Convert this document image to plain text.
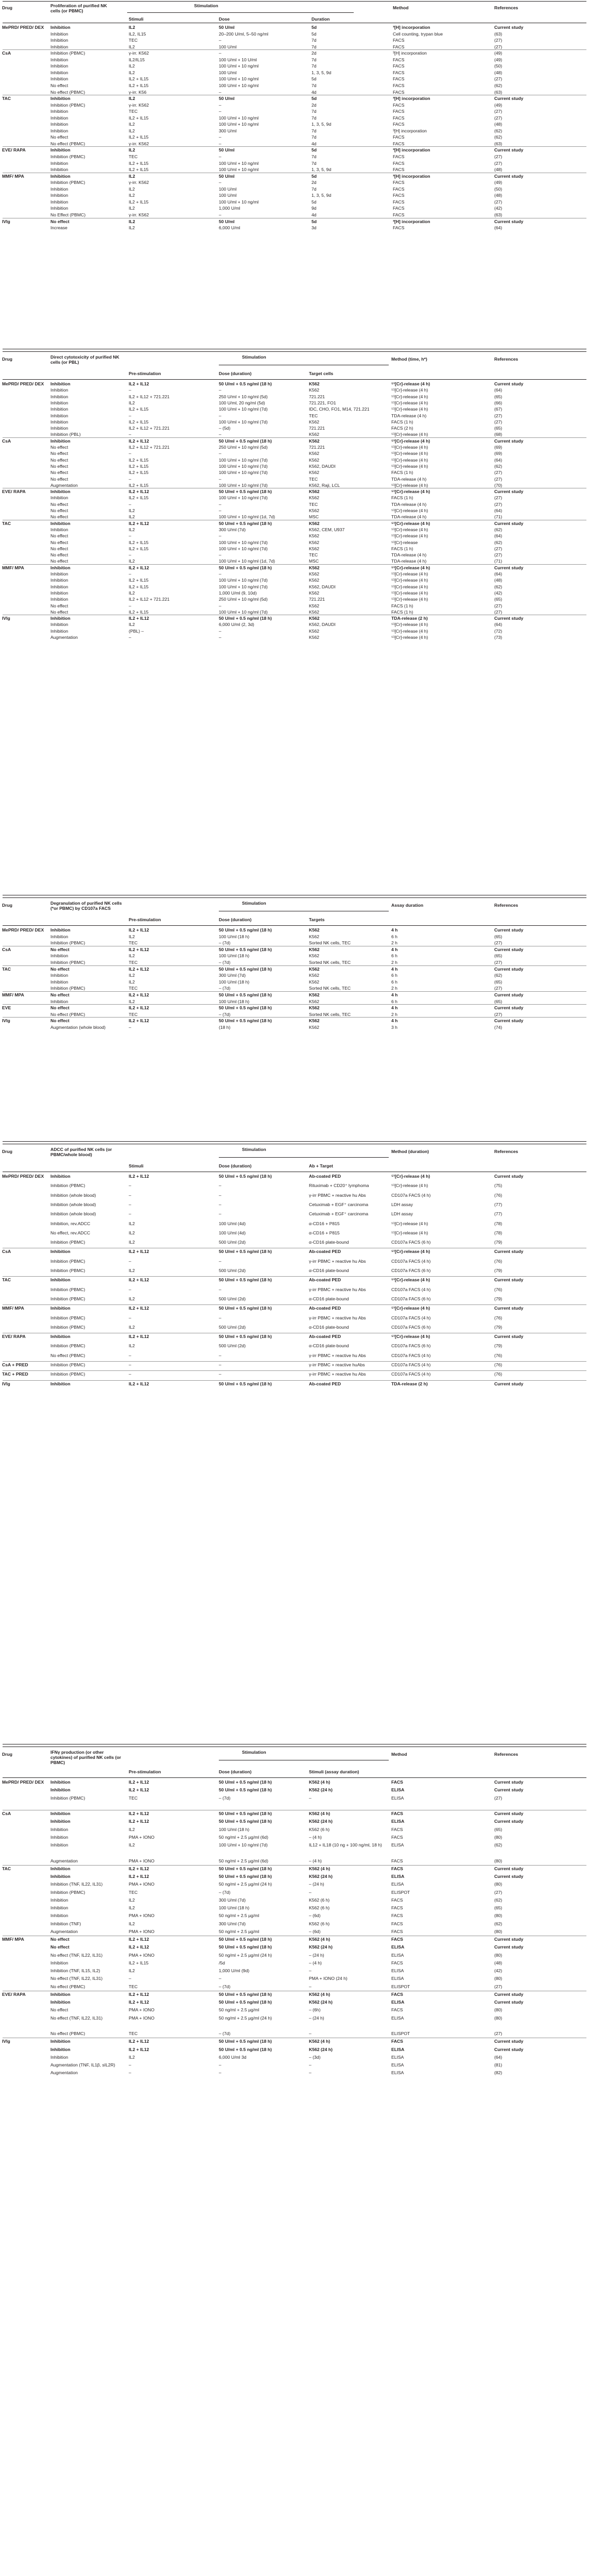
Drug	Proliferation of purified NK cells (or PBMC)
Stimulation
Stimuli	Dose	Duration
Method	References
MePRD/ PRED/ DEX	Inhibition	IL2	50 U/ml	5d	³[H] incorporation	Current study
Inhibition	IL2, IL15	20–200 U/ml, 5–50 ng/ml	5d	Cell counting, trypan blue	(63)
Inhibition	TEC	–	7d	FACS	(27)
Inhibition	IL2	100 U/ml	7d	FACS	(27)
CsA	Inhibition (PBMC)	γ-irr. K562	–	2d	³[H] incorporation	(49)
Inhibition	IL2/IL15	100 U/ml + 10 U/ml	7d	FACS	(49)
Inhibition	IL2	100 U/ml + 10 ng/ml	7d	FACS	(50)
Inhibition	IL2	100 U/ml	1, 3, 5, 9d	FACS	(48)
Inhibition	IL2 + IL15	100 U/ml + 10 ng/ml	5d	FACS	(27)
No effect	IL2 + IL15	100 U/ml + 10 ng/ml	7d	FACS	(62)
No effect (PBMC)	γ-irr. K56	–	4d	FACS	(63)
TAC	Inhibition	IL2	50 U/ml	5d	³[H] incorporation	Current study
Inhibition (PBMC)	γ-irr. K562	–	2d	FACS	(49)
Inhibition	TEC	–	7d	FACS	(27)
Inhibition	IL2 + IL15	100 U/ml + 10 ng/ml	7d	FACS	(27)
Inhibition	IL2	100 U/ml + 10 ng/ml	1, 3, 5, 9d	FACS	(48)
Inhibition	IL2	300 U/ml	7d	³[H] incorporation	(62)
No effect	IL2 + IL15	–	7d	FACS	(62)
No effect (PBMC)	γ-irr. K562	–	4d	FACS	(63)
EVE/ RAPA	Inhibition	IL2	50 U/ml	5d	³[H] incorporation	Current study
Inhibition (PBMC)	TEC	–	7d	FACS	(27)
Inhibition	IL2 + IL15	100 U/ml + 10 ng/ml	7d	FACS	(27)
Inhibition	IL2 + IL15	100 U/ml + 10 ng/ml	1, 3, 5, 9d	FACS	(48)
MMF/ MPA	Inhibition	IL2	50 U/ml	5d	³[H] incorporation	Current study
Inhibition (PBMC)	γ-irr. K562	–	2d	FACS	(49)
Inhibition	IL2	100 U/ml	7d	FACS	(50)
Inhibition	IL2	100 U/ml	1, 3, 5, 9d	FACS	(48)
Inhibition	IL2 + IL15	100 U/ml + 10 ng/ml	5d	FACS	(27)
Inhibition	IL2	1,000 U/ml	9d	FACS	(42)
No Effect (PBMC)	γ-irr. K562	–	4d	FACS	(63)
IVIg	No effect	IL2	50 U/ml	5d	³[H] incorporation	Current study
Increase	IL2	6,000 U/ml	3d	FACS	(64)
Drug	Direct cytotoxicity of purified NK cells (or PBL)
Pre-stimulation
Stimulation
Dose (duration)	Target cells
Method (time, h*)	References
MePRD/ PRED/ DEX	Inhibition	IL2 + IL12	50 U/ml + 0.5 ng/ml (18 h)	K562	⁵¹[Cr]-release (4 h)	Current study
Inhibition	–	–	K562	⁵¹[Cr]-release (4 h)	(64)
Inhibition	IL2 + IL12 + 721.221	250 U/ml + 10 ng/ml (5d)	721.221	⁵¹[Cr]-release (4 h)	(65)
Inhibition	IL2	100 U/ml, 20 ng/ml (5d)	721.221, FO1	⁵¹[Cr]-release (4 h)	(66)
Inhibition	IL2 + IL15	100 U/ml + 10 ng/ml (7d)	IDC, CHO, FO1, M14, 721.221	⁵¹[Cr]-release (4 h)	(67)
Inhibition	–	–	TEC	TDA-release (4 h)	(27)
Inhibition	IL2 + IL15	100 U/ml + 10 ng/ml (7d)	K562	FACS (1 h)	(27)
Inhibition	IL2 + IL12 + 721.221	– (5d)	721.221	FACS (2 h)	(65)
Inhibition (PBL)	–	–	K562	⁵¹[Cr]-release (4 h)	(68)
CsA	Inhibition	IL2 + IL12	50 U/ml + 0.5 ng/ml (18 h)	K562	⁵¹[Cr]-release (4 h)	Current study
No effect	IL2 + IL12 + 721.221	250 U/ml + 10 ng/ml (5d)	721.221	⁵¹[Cr]-release (4 h)	(69)
No effect	–	–	K562	⁵¹[Cr]-release (4 h)	(69)
No effect	IL2 + IL15	100 U/ml + 10 ng/ml (7d)	K562	⁵¹[Cr]-release (4 h)	(64)
No effect	IL2 + IL15	100 U/ml + 10 ng/ml (7d)	K562, DAUDI	⁵¹[Cr]-release (4 h)	(62)
No effect	IL2 + IL15	100 U/ml + 10 ng/ml (7d)	K562	FACS (1 h)	(27)
No effect	–	–	TEC	TDA-release (4 h)	(27)
Augmentation	IL2 + IL15	100 U/ml + 10 ng/ml (7d)	K562, Raji, LCL	⁵¹[Cr]-release (4 h)	(70)
EVE/ RAPA	Inhibition	IL2 + IL12	50 U/ml + 0.5 ng/ml (18 h)	K562	⁵¹[Cr]-release (4 h)	Current study
Inhibition	IL2 + IL15	100 U/ml + 10 ng/ml (7d)	K562	FACS (1 h)	(27)
No effect	–	–	TEC	TDA-release (4 h)	(27)
No effect	IL2	–	K562	⁵¹[Cr]-release (4 h)	(64)
No effect	IL2	100 U/ml + 10 ng/ml (1d, 7d)	MSC	TDA-release (4 h)	(71)
TAC	Inhibition	IL2 + IL12	50 U/ml + 0.5 ng/ml (18 h)	K562	⁵¹[Cr]-release (4 h)	Current study
Inhibition	IL2	300 U/ml (7d)	K562, CEM, U937	⁵¹[Cr]-release (4 h)	(62)
No effect	–	–	K562	⁵¹[Cr]-release (4 h)	(64)
No effect	IL2 + IL15	100 U/ml + 10 ng/ml (7d)	K562	⁵¹[Cr]-release	(62)
No effect	IL2 + IL15	100 U/ml + 10 ng/ml (7d)	K562	FACS (1 h)	(27)
No effect	–	–	TEC	TDA-release (4 h)	(27)
No effect	IL2	100 U/ml + 10 ng/ml (1d, 7d)	MSC	TDA-release (4 h)	(71)
MMF/ MPA	Inhibition	IL2 + IL12	50 U/ml + 0.5 ng/ml (18 h)	K562	⁵¹[Cr]-release (4 h)	Current study
Inhibition	–	–	K562	⁵¹[Cr]-release (4 h)	(64)
Inhibition	IL2 + IL15	100 U/ml + 10 ng/ml (7d)	K562	⁵¹[Cr]-release (4 h)	(48)
Inhibition	IL2 + IL15	100 U/ml + 10 ng/ml (7d)	K562, DAUDI	⁵¹[Cr]-release (4 h)	(62)
Inhibition	IL2	1,000 U/ml (9, 10d)	K562	⁵¹[Cr]-release (4 h)	(42)
Inhibition	IL2 + IL12 + 721.221	250 U/ml + 10 ng/ml (5d)	721.221	⁵¹[Cr]-release (4 h)	(65)
No effect	–	–	K562	FACS (1 h)	(27)
No effect	IL2 + IL15	100 U/ml + 10 ng/ml (7d)	K562	FACS (1 h)	(27)
IVIg	Inhibition	IL2 + IL12	50 U/ml + 0.5 ng/ml (18 h)	K562	TDA-release (2 h)	Current study
Inhibition	IL2	6,000 U/ml (2, 3d)	K562, DAUDI	⁵¹[Cr]-release (4 h)	(64)
Inhibition	(PBL) –	–	K562	⁵¹[Cr]-release (4 h)	(72)
Augmentation	–	–	K562	⁵¹[Cr]-release (4 h)	(73)
Drug	Degranulation of purified NK cells (*or PBMC) by CD107a FACS
Pre-stimulation
Stimulation
Dose (duration)	Targets
Assay duration	References
MePRD/ PRED/ DEX	Inhibition	IL2 + IL12	50 U/ml + 0.5 ng/ml (18 h)	K562	4 h	Current study
Inhibition	IL2	100 U/ml (18 h)	K562	6 h	(65)
Inhibition (PBMC)	TEC	– (7d)	Sorted NK cells, TEC	2 h	(27)
CsA	No effect	IL2 + IL12	50 U/ml + 0.5 ng/ml (18 h)	K562	4 h	Current study
Inhibition	IL2	100 U/ml (18 h)	K562	6 h	(65)
Inhibition (PBMC)	TEC	– (7d)	Sorted NK cells, TEC	2 h	(27)
TAC	No effect	IL2 + IL12	50 U/ml + 0.5 ng/ml (18 h)	K562	4 h	Current study
Inhibition	IL2	300 U/ml (7d)	K562	6 h	(62)
Inhibition	IL2	100 U/ml (18 h)	K562	6 h	(65)
Inhibition (PBMC)	TEC	– (7d)	Sorted NK cells, TEC	2 h	(27)
MMF/ MPA	No effect	IL2 + IL12	50 U/ml + 0.5 ng/ml (18 h)	K562	4 h	Current study
Inhibition	IL2	100 U/ml (18 h)	K562	6 h	(65)
EVE	No effect	IL2 + IL12	50 U/ml + 0.5 ng/ml (18 h)	K562	4 h	Current study
No effect (PBMC)	TEC	– (7d)	Sorted NK cells, TEC	2 h	(27)
IVIg	No effect	IL2 + IL12	50 U/ml + 0.5 ng/ml (18 h)	K562	4 h	Current study
Augmentation (whole blood)	–	(18 h)	K562	3 h	(74)
Drug	ADCC of purified NK cells (or PBMC/whole blood)
Stimuli
Stimulation
Dose (duration)	Ab + Target
Method (duration)	References
MePRD/ PRED/ DEX	Inhibition	IL2 + IL12	50 U/ml + 0.5 ng/ml (18 h)	Ab-coated PED	⁵¹[Cr]-release (4 h)	Current study
Inhibition (PBMC)	–	–	Rituximab + CD20⁺ lymphoma	⁵¹[Cr]-release (4 h)	(75)
Inhibition (whole blood)	–	–	γ-irr PBMC + reactive hu Abs	CD107a FACS (4 h)	(76)
Inhibition (whole blood)	–	–	Cetuximab + EGF⁺ carcinoma	LDH assay	(77)
Inhibition (whole blood)	–	–	Cetuximab + EGF⁺ carcinoma	LDH assay	(77)
Inhibition, rev.ADCC	IL2	100 U/ml (4d)	α-CD16 + P815	⁵¹[Cr]-release (4 h)	(78)
No effect, rev.ADCC	IL2	100 U/ml (4d)	α-CD16 + P815	⁵¹[Cr]-release (4 h)	(78)
Inhibition (PBMC)	IL2	500 U/ml (2d)	α-CD16 plate-bound	CD107a FACS (6 h)	(79)
CsA	Inhibition	IL2 + IL12	50 U/ml + 0.5 ng/ml (18 h)	Ab-coated PED	⁵¹[Cr]-release (4 h)	Current study
Inhibition (PBMC)	–	–	γ-irr PBMC + reactive hu Abs	CD107a FACS (4 h)	(76)
Inhibition (PBMC)	IL2	500 U/ml (2d)	α-CD16 plate-bound	CD107a FACS (6 h)	(79)
TAC	Inhibition	IL2 + IL12	50 U/ml + 0.5 ng/ml (18 h)	Ab-coated PED	⁵¹[Cr]-release (4 h)	Current study
Inhibition (PBMC)	–	–	γ-irr PBMC + reactive hu Abs	CD107a FACS (4 h)	(76)
Inhibition (PBMC)	IL2	500 U/ml (2d)	α-CD16 plate-bound	CD107a FACS (6 h)	(79)
MMF/ MPA	Inhibition	IL2 + IL12	50 U/ml + 0.5 ng/ml (18 h)	Ab-coated PED	⁵¹[Cr]-release (4 h)	Current study
Inhibition (PBMC)	–	–	γ-irr PBMC + reactive hu Abs	CD107a FACS (4 h)	(76)
Inhibition (PBMC)	IL2	500 U/ml (2d)	α-CD16 plate-bound	CD107a FACS (6 h)	(79)
EVE/ RAPA	Inhibition	IL2 + IL12	50 U/ml + 0.5 ng/ml (18 h)	Ab-coated PED	⁵¹[Cr]-release (4 h)	Current study
Inhibition (PBMC)	IL2	500 U/ml (2d)	α-CD16 plate-bound	CD107a FACS (6 h)	(79)
No effect (PBMC)	–	–	γ-irr PBMC + reactive hu Abs	CD107a FACS (4 h)	(76)
CsA + PRED	Inhibition (PBMC)	–	–	γ-irr PBMC + reactive huAbs	CD107a FACS (4 h)	(76)
TAC + PRED	Inhibition (PBMC)	–	–	γ-irr PBMC + reactive hu Abs	CD107a FACS (4 h)	(76)
IVIg	Inhibition	IL2 + IL12	50 U/ml + 0.5 ng/ml (18 h)	Ab-coated PED	TDA-release (2 h)	Current study
Drug	IFNγ production (or other cytokines) of purified NK cells (or PBMC)
Pre-stimulation
Stimulation
Dose (duration)	Stimuli (assay duration)
Method	References
MePRD/ PRED/ DEX	Inhibition	IL2 + IL12	50 U/ml + 0.5 ng/ml (18 h)	K562 (4 h)	FACS	Current study
Inhibition	IL2 + IL12	50 U/ml + 0.5 ng/ml (18 h)	K562 (24 h)	ELISA	Current study
Inhibition (PBMC)	TEC	– (7d)	–	ELISA	(27)
CsA	Inhibition	IL2 + IL12	50 U/ml + 0.5 ng/ml (18 h)	K562 (4 h)	FACS	Current study
Inhibition	IL2 + IL12	50 U/ml + 0.5 ng/ml (18 h)	K562 (24 h)	ELISA	Current study
Inhibition	IL2	100 U/ml (18 h)	K562 (6 h)	FACS	(65)
Inhibition	PMA + IONO	50 ng/ml + 2.5 µg/ml (6d)	– (4 h)	FACS	(80)
Inhibition	IL2	100 U/ml + 10 ng/ml (7d)	IL12 + IL18 (10 ng + 100 ng/ml, 18 h)	ELISA	(62)
Augmentation	PMA + IONO	50 ng/ml + 2.5 µg/ml (6d)	– (4 h)	FACS	(80)
TAC	Inhibition	IL2 + IL12	50 U/ml + 0.5 ng/ml (18 h)	K562 (4 h)	FACS	Current study
Inhibition	IL2 + IL12	50 U/ml + 0.5 ng/ml (18 h)	K562 (24 h)	ELISA	Current study
Inhibition (TNF, IL22, IL31)	PMA + IONO	50 ng/ml + 2.5 µg/ml (24 h)	– (24 h)	ELISA	(80)
Inhibition (PBMC)	TEC	– (7d)	–	ELISPOT	(27)
Inhibition	IL2	300 U/ml (7d)	K562 (6 h)	FACS	(62)
Inhibition	IL2	100 U/ml (18 h)	K562 (6 h)	FACS	(65)
Inhibition	PMA + IONO	50 ng/ml + 2.5 µg/ml	– (6d)	FACS	(80)
Inhibition (TNF)	IL2	300 U/ml (7d)	K562 (6 h)	FACS	(62)
Augmentation	PMA + IONO	50 ng/ml + 2.5 µg/ml	– (6d)	FACS	(80)
MMF/ MPA	No effect	IL2 + IL12	50 U/ml + 0.5 ng/ml (18 h)	K562 (4 h)	FACS	Current study
No effect	IL2 + IL12	50 U/ml + 0.5 ng/ml (18 h)	K562 (24 h)	ELISA	Current study
No effect (TNF, IL22, IL31)	PMA + IONO	50 ng/ml + 2.5 µg/ml (24 h)	– (24 h)	ELISA	(80)
Inhibition	IL2 + IL15	/5d	– (4 h)	FACS	(48)
Inhibition (TNF, IL15, IL2)	IL2	1,000 U/ml (9d)	–	ELISA	(42)
No effect (TNF, IL22, IL31)	–	–	PMA + IONO (24 h)	ELISA	(80)
No effect (PBMC)	TEC	– (7d)	–	ELISPOT	(27)
EVE/ RAPA	Inhibition	IL2 + IL12	50 U/ml + 0.5 ng/ml (18 h)	K562 (4 h)	FACS	Current study
Inhibition	IL2 + IL12	50 U/ml + 0.5 ng/ml (18 h)	K562 (24 h)	ELISA	Current study
No effect	PMA + IONO	50 ng/ml + 2.5 µg/ml	– (6h)	FACS	(80)
No effect (TNF, IL22, IL31)	PMA + IONO	50 ng/ml + 2.5 µg/ml (24 h)	– (24 h)	ELISA	(80)
No effect (PBMC)	TEC	– (7d)	–	ELISPOT	(27)
IVIg	Inhibition	IL2 + IL12	50 U/ml + 0.5 ng/ml (18 h)	K562 (4 h)	FACS	Current study
Inhibition	IL2 + IL12	50 U/ml + 0.5 ng/ml (18 h)	K562 (24 h)	ELISA	Current study
Inhibition	IL2	6,000 U/ml 3d	– (3d)	ELISA	(64)
Augmentation (TNF, IL1β, sIL2R)	–	–	–	ELISA	(81)
Augmentation	–	–	–	ELISA	(82)
